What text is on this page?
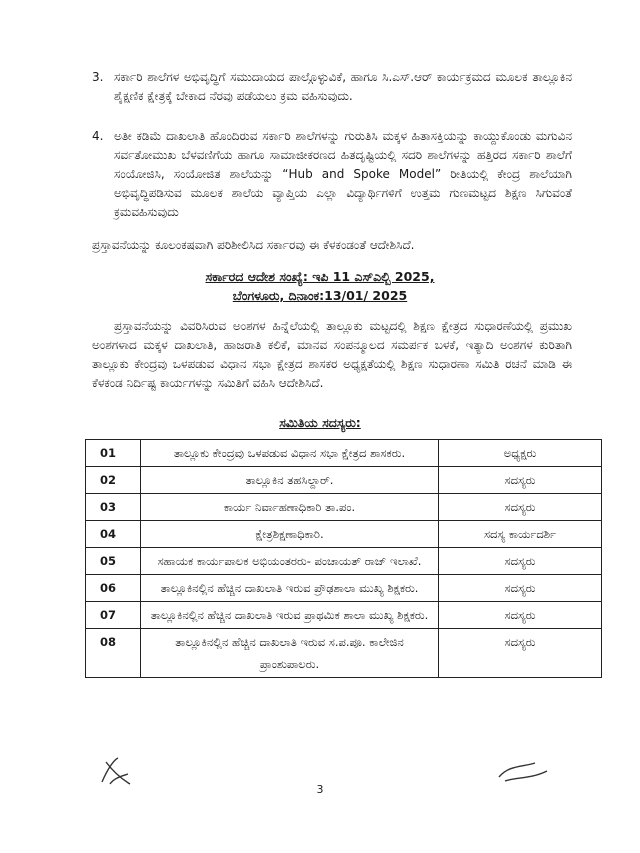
3. ಸರ್ಕಾರಿ ಶಾಲೆಗಳ ಅಭಿವೃದ್ಧಿಗೆ ಸಮುದಾಯದ ಪಾಲ್ಗೊಳ್ಳುವಿಕೆ, ಹಾಗೂ ಸಿ.ಎಸ್.ಆರ್ ಕಾರ್ಯಕ್ರಮದ ಮೂಲಕ ತಾಲ್ಲೂಕಿನ ಶೈಕ್ಷಣಿಕ ಕ್ಷೇತ್ರಕ್ಕೆ ಬೇಕಾದ ನೆರವು ಪಡೆಯಲು ಕ್ರಮ ವಹಿಸುವುದು.
4. ಅತೀ ಕಡಿಮೆ ದಾಖಲಾತಿ ಹೊಂದಿರುವ ಸರ್ಕಾರಿ ಶಾಲೆಗಳನ್ನು ಗುರುತಿಸಿ ಮಕ್ಕಳ ಹಿತಾಸಕ್ತಿಯನ್ನು ಕಾಯ್ದುಕೊಂಡು ಮಗುವಿನ ಸರ್ವತೋಮುಖ ಬೆಳವಣಿಗೆಯ ಹಾಗೂ ಸಾಮಾಜೀಕರಣದ ಹಿತದೃಷ್ಟಿಯಲ್ಲಿ ಸದರಿ ಶಾಲೆಗಳನ್ನು ಹತ್ತಿರದ ಸರ್ಕಾರಿ ಶಾಲೆಗೆ ಸಂಯೋಜಿಸಿ, ಸಂಯೋಜಿತ ಶಾಲೆಯನ್ನು “Hub and Spoke Model” ರೀತಿಯಲ್ಲಿ ಕೇಂದ್ರ ಶಾಲೆಯಾಗಿ ಅಭಿವೃದ್ಧಿಪಡಿಸುವ ಮೂಲಕ ಶಾಲೆಯ ವ್ಯಾಪ್ತಿಯ ಎಲ್ಲಾ ವಿದ್ಯಾರ್ಥಿಗಳಿಗೆ ಉತ್ತಮ ಗುಣಮಟ್ಟದ ಶಿಕ್ಷಣ ಸಿಗುವಂತೆ ಕ್ರಮವಹಿಸುವುದು
ಪ್ರಸ್ತಾವನೆಯನ್ನು ಕೂಲಂಕಷವಾಗಿ ಪರಿಶೀಲಿಸಿದ ಸರ್ಕಾರವು ಈ ಕೆಳಕಂಡಂತೆ ಆದೇಶಿಸಿದೆ.
ಸರ್ಕಾರದ ಆದೇಶ ಸಂಖ್ಯೆ: ಇಪಿ 11 ಎಸ್ಎಲ್ಬಿ 2025,
ಬೆಂಗಳೂರು, ದಿನಾಂಕ:13/01/ 2025
ಪ್ರಸ್ತಾವನೆಯನ್ನು ವಿವರಿಸಿರುವ ಅಂಶಗಳ ಹಿನ್ನೆಲೆಯಲ್ಲಿ ತಾಲ್ಲೂಕು ಮಟ್ಟದಲ್ಲಿ ಶಿಕ್ಷಣ ಕ್ಷೇತ್ರದ ಸುಧಾರಣೆಯಲ್ಲಿ ಪ್ರಮುಖ ಅಂಶಗಳಾದ ಮಕ್ಕಳ ದಾಖಲಾತಿ, ಹಾಜರಾತಿ ಕಲಿಕೆ, ಮಾನವ ಸಂಪನ್ಮೂಲದ ಸಮರ್ಪಕ ಬಳಕೆ, ಇತ್ಯಾದಿ ಅಂಶಗಳ ಕುರಿತಾಗಿ ತಾಲ್ಲೂಕು ಕೇಂದ್ರವು ಒಳಪಡುವ ವಿಧಾನ ಸಭಾ ಕ್ಷೇತ್ರದ ಶಾಸಕರ ಅಧ್ಯಕ್ಷತೆಯಲ್ಲಿ ಶಿಕ್ಷಣ ಸುಧಾರಣಾ ಸಮಿತಿ ರಚನೆ ಮಾಡಿ ಈ ಕೆಳಕಂಡ ನಿರ್ದಿಷ್ಟ ಕಾರ್ಯಗಳನ್ನು ಸಮಿತಿಗೆ ವಹಿಸಿ ಆದೇಶಿಸಿದೆ.
ಸಮಿತಿಯ ಸದಸ್ಯರು:
01	ತಾಲ್ಲೂಕು ಕೇಂದ್ರವು ಒಳಪಡುವ ವಿಧಾನ ಸಭಾ ಕ್ಷೇತ್ರದ ಶಾಸಕರು.	ಅಧ್ಯಕ್ಷರು
02	ತಾಲ್ಲೂಕಿನ ತಹಸಿಲ್ದಾರ್.	ಸದಸ್ಯರು
03	ಕಾರ್ಯ ನಿರ್ವಾಹಣಾಧಿಕಾರಿ ತಾ.ಪಂ.	ಸದಸ್ಯರು
04	ಕ್ಷೇತ್ರಶಿಕ್ಷಣಾಧಿಕಾರಿ.	ಸದಸ್ಯ ಕಾರ್ಯದರ್ಶಿ
05	ಸಹಾಯಕ ಕಾರ್ಯಪಾಲಕ ಅಭಿಯಂತರರು- ಪಂಚಾಯತ್ ರಾಜ್ ಇಲಾಖೆ.	ಸದಸ್ಯರು
06	ತಾಲ್ಲೂಕಿನಲ್ಲಿನ ಹೆಚ್ಚಿನ ದಾಖಲಾತಿ ಇರುವ ಪ್ರೌಢಶಾಲಾ ಮುಖ್ಯ ಶಿಕ್ಷಕರು.	ಸದಸ್ಯರು
07	ತಾಲ್ಲೂಕಿನಲ್ಲಿನ ಹೆಚ್ಚಿನ ದಾಖಲಾತಿ ಇರುವ ಪ್ರಾಥಮಿಕ ಶಾಲಾ ಮುಖ್ಯ ಶಿಕ್ಷಕರು.	ಸದಸ್ಯರು
08	ತಾಲ್ಲೂಕಿನಲ್ಲಿನ ಹೆಚ್ಚಿನ ದಾಖಲಾತಿ ಇರುವ ಸ.ಪ.ಪೂ. ಕಾಲೇಜಿನ ಪ್ರಾಂಶುಪಾಲರು.	ಸದಸ್ಯರು
3
